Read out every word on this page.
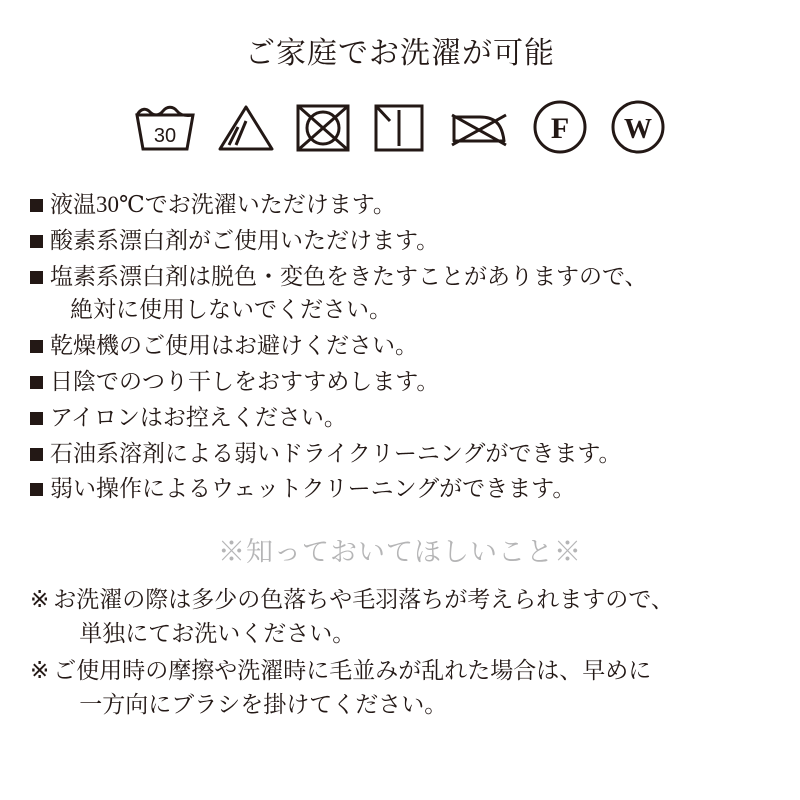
ご家庭でお洗濯が可能
30	F W
液温30℃でお洗濯いただけます。
酸素系漂白剤がご使用いただけます。
塩素系漂白剤は脱色・変色をきたすことがありますので、
絶対に使用しないでください。
乾燥機のご使用はお避けください。
日陰でのつり干しをおすすめします。
アイロンはお控えください。
石油系溶剤による弱いドライクリーニングができます。
弱い操作によるウェットクリーニングができます。
※知っておいてほしいこと※
※ お洗濯の際は多少の色落ちや毛羽落ちが考えられますので、
単独にてお洗いください。
※ ご使用時の摩擦や洗濯時に毛並みが乱れた場合は、早めに
一方向にブラシを掛けてください。
